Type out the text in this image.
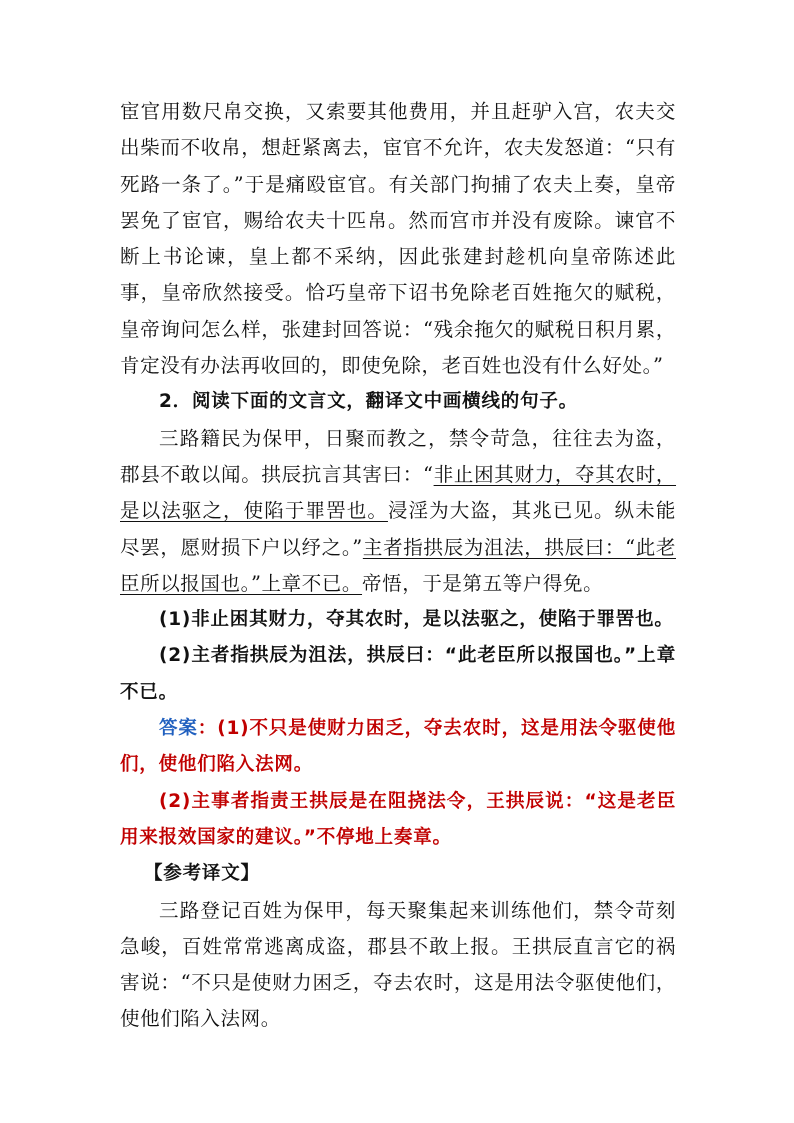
宦官用数尺帛交换，又索要其他费用，并且赶驴入宫，农夫交出柴而不收帛，想赶紧离去，宦官不允许，农夫发怒道：“只有死路一条了。”于是痛殴宦官。有关部门拘捕了农夫上奏，皇帝罢免了宦官，赐给农夫十匹帛。然而宫市并没有废除。谏官不断上书论谏，皇上都不采纳，因此张建封趁机向皇帝陈述此事，皇帝欣然接受。恰巧皇帝下诏书免除老百姓拖欠的赋税，皇帝询问怎么样，张建封回答说：“残余拖欠的赋税日积月累，肯定没有办法再收回的，即使免除，老百姓也没有什么好处。”

2．阅读下面的文言文，翻译文中画横线的句子。

三路籍民为保甲，日聚而教之，禁令苛急，往往去为盗，郡县不敢以闻。拱辰抗言其害曰：“非止困其财力，夺其农时，是以法驱之，使陷于罪罟也。浸淫为大盗，其兆已见。纵未能尽罢，愿财损下户以纾之。”主者指拱辰为沮法，拱辰曰：“此老臣所以报国也。”上章不已。帝悟，于是第五等户得免。

(1)非止困其财力，夺其农时，是以法驱之，使陷于罪罟也。

(2)主者指拱辰为沮法，拱辰曰：“此老臣所以报国也。”上章不已。

答案：(1)不只是使财力困乏，夺去农时，这是用法令驱使他们，使他们陷入法网。

(2)主事者指责王拱辰是在阻挠法令，王拱辰说：“这是老臣用来报效国家的建议。”不停地上奏章。

【参考译文】

三路登记百姓为保甲，每天聚集起来训练他们，禁令苛刻急峻，百姓常常逃离成盗，郡县不敢上报。王拱辰直言它的祸害说：“不只是使财力困乏，夺去农时，这是用法令驱使他们，使他们陷入法网。
